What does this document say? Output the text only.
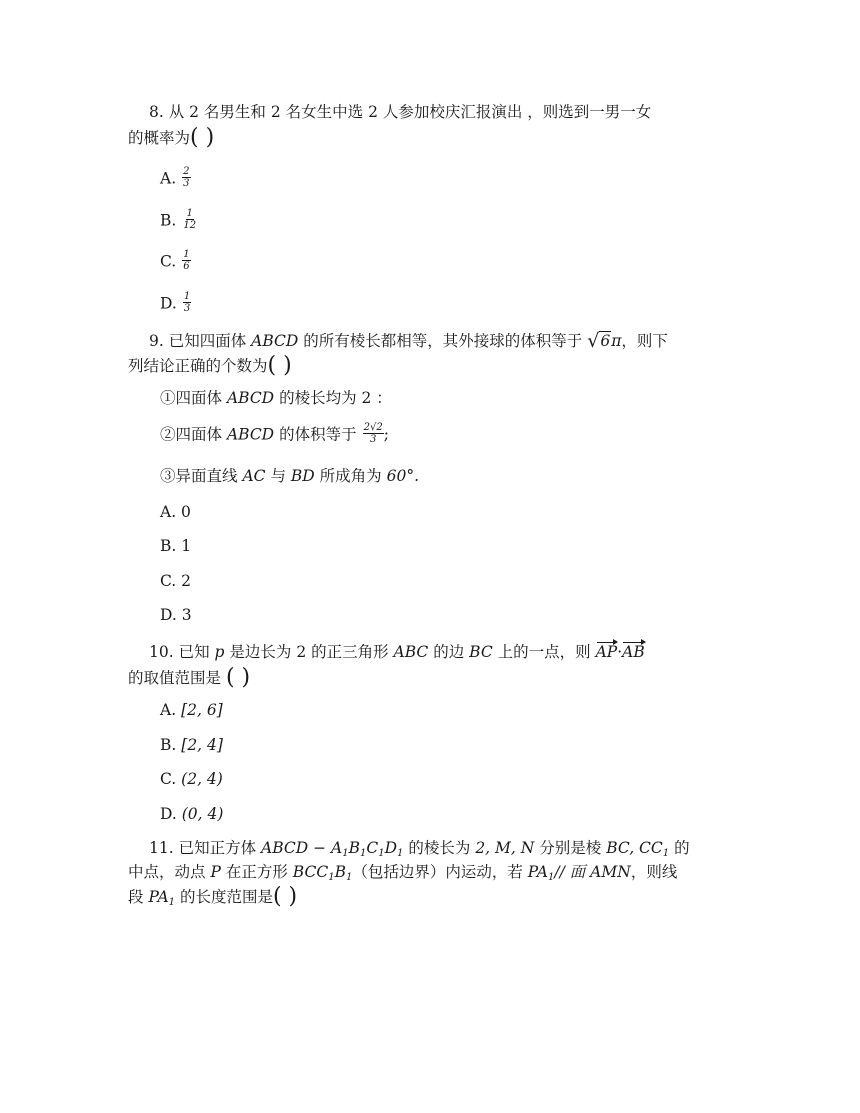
8. 从 2 名男生和 2 名女生中选 2 人参加校庆汇报演出 ，则选到一男一女
的概率为( )
A. $\frac{2}{3}$
B. $\frac{1}{12}$
C. $\frac{1}{6}$
D. $\frac{1}{3}$
9. 已知四面体 ABCD 的所有棱长都相等，其外接球的体积等于 √6π，则下
列结论正确的个数为( )
①四面体 ABCD 的棱长均为 2 ：
②四面体 ABCD 的体积等于 $\frac{2√2}{3}$ ;
③异面直线 AC 与 BD 所成角为 60°.
A. 0
B. 1
C. 2
D. 3
10. 已知 p 是边长为 2 的正三角形 ABC 的边 BC 上的一点，则 AP·AB
的取值范围是 ( )
A. [2, 6]
B. [2, 4]
C. (2, 4)
D. (0, 4)
11. 已知正方体 ABCD − $A_1B_1C_1D_1$ 的棱长为 2, M, N 分别是棱 BC, $CC_1$ 的
中点，动点 P 在正方形 $BCC_1B_1$（包括边界）内运动，若 $PA_1//$ 面 AMN，则线
段 $PA_1$ 的长度范围是( )
